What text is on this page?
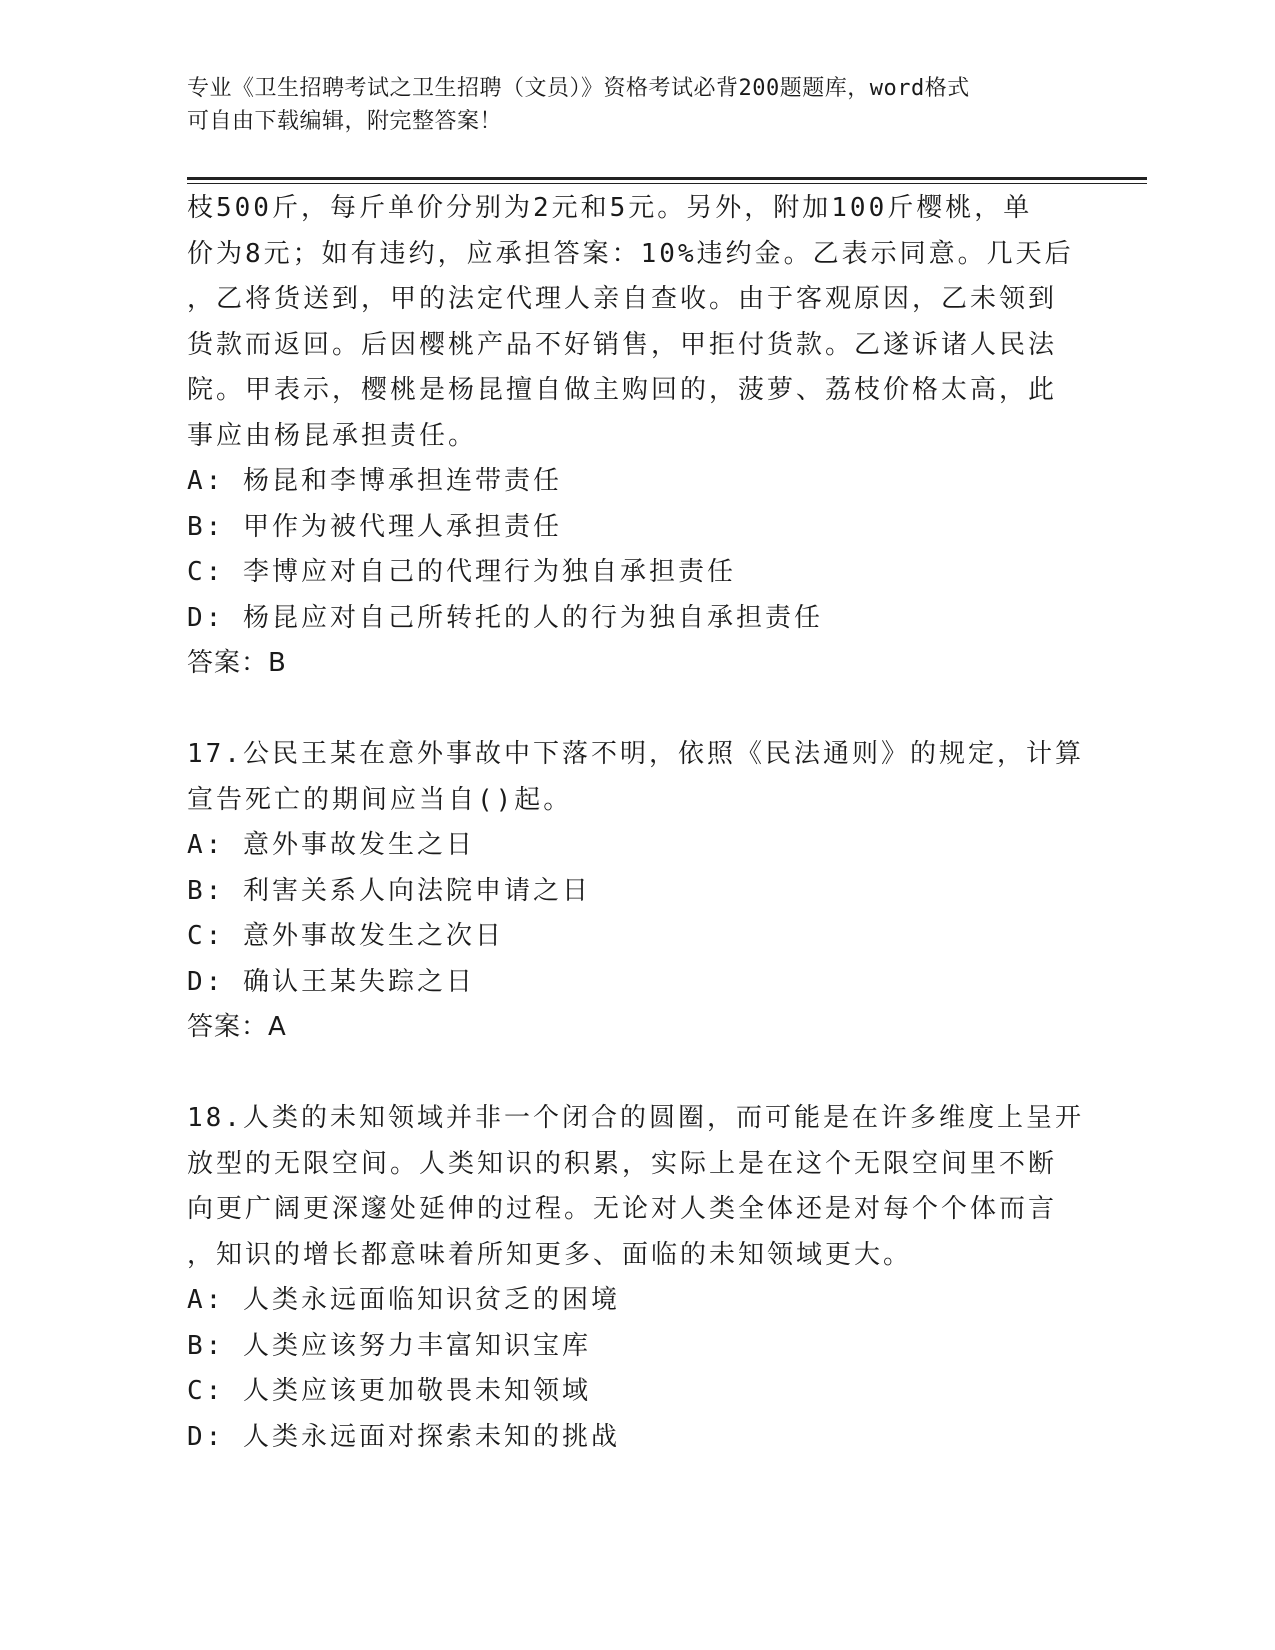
专业《卫生招聘考试之卫生招聘（文员）》资格考试必背200题题库，word格式
可自由下载编辑，附完整答案！
枝500斤，每斤单价分别为2元和5元。另外，附加100斤樱桃，单
价为8元；如有违约，应承担答案：10%违约金。乙表示同意。几天后
，乙将货送到，甲的法定代理人亲自查收。由于客观原因，乙未领到
货款而返回。后因樱桃产品不好销售，甲拒付货款。乙遂诉诸人民法
院。甲表示，樱桃是杨昆擅自做主购回的，菠萝、荔枝价格太高，此
事应由杨昆承担责任。
A: 杨昆和李博承担连带责任
B: 甲作为被代理人承担责任
C: 李博应对自己的代理行为独自承担责任
D: 杨昆应对自己所转托的人的行为独自承担责任
答案：B
17.公民王某在意外事故中下落不明，依照《民法通则》的规定，计算
宣告死亡的期间应当自()起。
A: 意外事故发生之日
B: 利害关系人向法院申请之日
C: 意外事故发生之次日
D: 确认王某失踪之日
答案：A
18.人类的未知领域并非一个闭合的圆圈，而可能是在许多维度上呈开
放型的无限空间。人类知识的积累，实际上是在这个无限空间里不断
向更广阔更深邃处延伸的过程。无论对人类全体还是对每个个体而言
，知识的增长都意味着所知更多、面临的未知领域更大。
A: 人类永远面临知识贫乏的困境
B: 人类应该努力丰富知识宝库
C: 人类应该更加敬畏未知领域
D: 人类永远面对探索未知的挑战
